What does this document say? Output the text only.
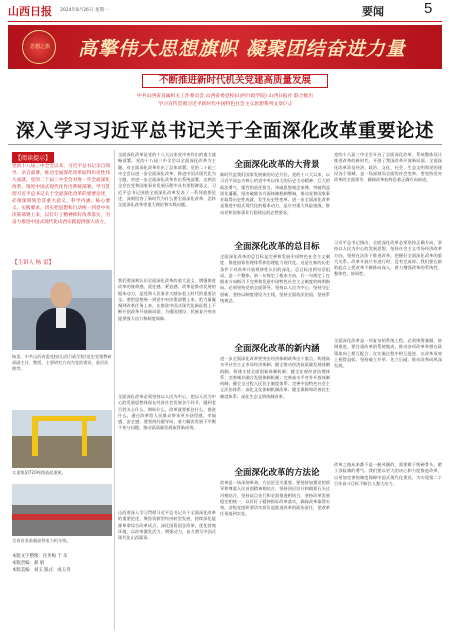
山西日报 2024年8月26日 星期一	要闻	5
思想之旗	高擎伟大思想旗帜 凝聚团结奋进力量
不断推进新时代机关党建高质量发展
中共山西省直属机关工作委员会 山西省委党校(山西行政学院) 山西日报社 联合推出
学习宣传贯彻习近平新时代中国特色社会主义思想系列文章(八)
深入学习习近平总书记关于全面深化改革重要论述
【阅读提示】
党的十八届三中全会以来，习近平总书记亲自领导、亲自部署，推动全面深化改革取得历史性伟大成就。党的二十届三中全会对进一步全面深化改革、推进中国式现代化作出系统部署。学习贯彻习近平总书记关于全面深化改革的重要论述，必须深刻领会其重大意义、科学内涵、核心要义、实践要求，切实把思想和行动统一到党中央决策部署上来，以钉钉子精神抓好改革落实，为奋力推进中国式现代化山西实践提供强大动力。
【主讲人 杨 雷】
杨雷，中共山西省委党校(山西行政学院)党史党建教研部副主任、教授，主要研究方向为党的建设、基层治理等。
太重集团720吨铸造起重机。
全省首条重载高铁电力机车线。
本版文字整理：任冬梅 于 乐
本版责编：郝 娟
本版美编：刘玉 版式：成玉奇
全面深化改革是党的十八大以来党中央作出的重大战略部署。党的十八届三中全会以全面深化改革为主题，对全面深化改革作出了总体部署。党的二十届三中全会以进一步全面深化改革、推进中国式现代化为主题，对进一步全面深化改革作出系统部署。这两次全会在党和国家事业发展历程中具有里程碑意义。习近平总书记围绕全面深化改革发表了一系列重要论述，深刻回答了新时代为什么要全面深化改革、怎样全面深化改革等重大理论和实践问题。
全面深化改革的大背景
新时代是我们国家发展新的历史方位。党的十八大以来，以习近平同志为核心的党中央以伟大的历史主动精神、巨大的政治勇气、强烈的责任担当，冲破思想观念束缚，突破利益固化藩篱，坚决破除各方面体制机制弊端，推动党和国家事业取得历史性成就、发生历史性变革。进一步全面深化改革是推进中国式现代化的根本动力，是应对重大风险挑战、推动党和国家事业行稳致远的必然要求。
党的十八届三中全会开启了全面深化改革、系统整体设计推进改革的新时代，开创了我国改革开放新局面。全面深化改革涉及经济、政治、文化、社会、生态文明和党的建设各个领域，是一场深刻而全面的社会变革。要坚持党对改革的全面领导，确保改革始终沿着正确方向前进。
我们要深刻认识全面深化改革的重大意义，增强推进改革的使命感、责任感、紧迫感。改革是推动发展的根本动力，是党和人民事业大踏步赶上时代的重要法宝。要把思想统一到党中央决策部署上来，把力量凝聚到改革任务上来，在推进中国式现代化新征程上不断开创改革开放新局面，为强国建设、民族复兴伟业提供强大动力和制度保障。
全面深化改革的总目标
全面深化改革的总目标是完善和发展中国特色社会主义制度、推进国家治理体系和治理能力现代化。这是在新的历史条件下对改革开放规律性认识的深化。总目标由两句话组成，是一个整体。前一句规定了根本方向，后一句规定了在根本方向指引下完善和发展中国特色社会主义制度的鲜明指向。必须坚持党的全面领导，坚持以人民为中心，坚持守正创新，坚持以制度建设为主线，坚持全面依法治国，坚持系统观念。
习近平总书记指出，全面深化改革必须坚持正确方向，坚持以人民为中心的发展思想，坚持社会主义市场经济改革方向，坚持在法治下推进改革，把握好全面深化改革的重大关系。改革开放只有进行时，没有完成时。我们要在新的起点上把改革不断推向深入，着力增强改革的系统性、整体性、协同性。
全面深化改革必须坚持以人民为中心，把以人民为中心的发展思想体现在经济社会发展各个环节，做到老百姓关心什么、期盼什么，改革就要抓住什么、推进什么，通过改革给人民群众带来更多获得感、幸福感、安全感。要坚持问题导向，着力解决发展不平衡不充分问题，推动高质量发展取得新成效。
全面深化改革的新内涵
进一步全面深化改革要突出经济体制改革这个重点，构建高水平社会主义市场经济体制；健全推动经济高质量发展体制机制；构建支持全面创新体制机制；健全宏观经济治理体系；完善城乡融合发展体制机制；完善高水平对外开放体制机制；健全全过程人民民主制度体系；完善中国特色社会主义法治体系；深化文化体制机制改革；健全保障和改善民生制度体系；深化生态文明体制改革。
全面深化改革是一项复杂的系统工程，必须统筹兼顾、协调推进。要注重改革的系统集成，推动各项改革举措在政策取向上相互配合、在实施过程中相互促进、在改革成效上相得益彰。坚持破立并举、先立后破，推动改革向纵深发展。
山西要深入学习贯彻习近平总书记关于全面深化改革的重要论述，聚焦资源型经济转型发展，持续深化能源革命综合改革试点，深化国资国企改革，优化营商环境，以改革激发活力、增强动力，奋力谱写中国式现代化山西篇章。
全面深化改革的方法论
改革是一场深刻革命，方法论至关重要。要坚持加强党的领导和尊重人民首创精神相结合，坚持顶层设计和摸着石头过河相结合，坚持试点先行和全面推进相结合，坚持改革发展稳定相统一，以钉钉子精神抓好改革落实，确保改革取得实效。各级党组织要切实担负起推进改革的政治责任，把改革任务落到实处。
改革之路从来都不是一帆风顺的，需要敢于啃硬骨头、敢于涉险滩的勇气。我们要以更大的决心和力度推进改革，以更加完善的制度保障中国式现代化建设，为实现第二个百年奋斗目标不断注入强大动力。
